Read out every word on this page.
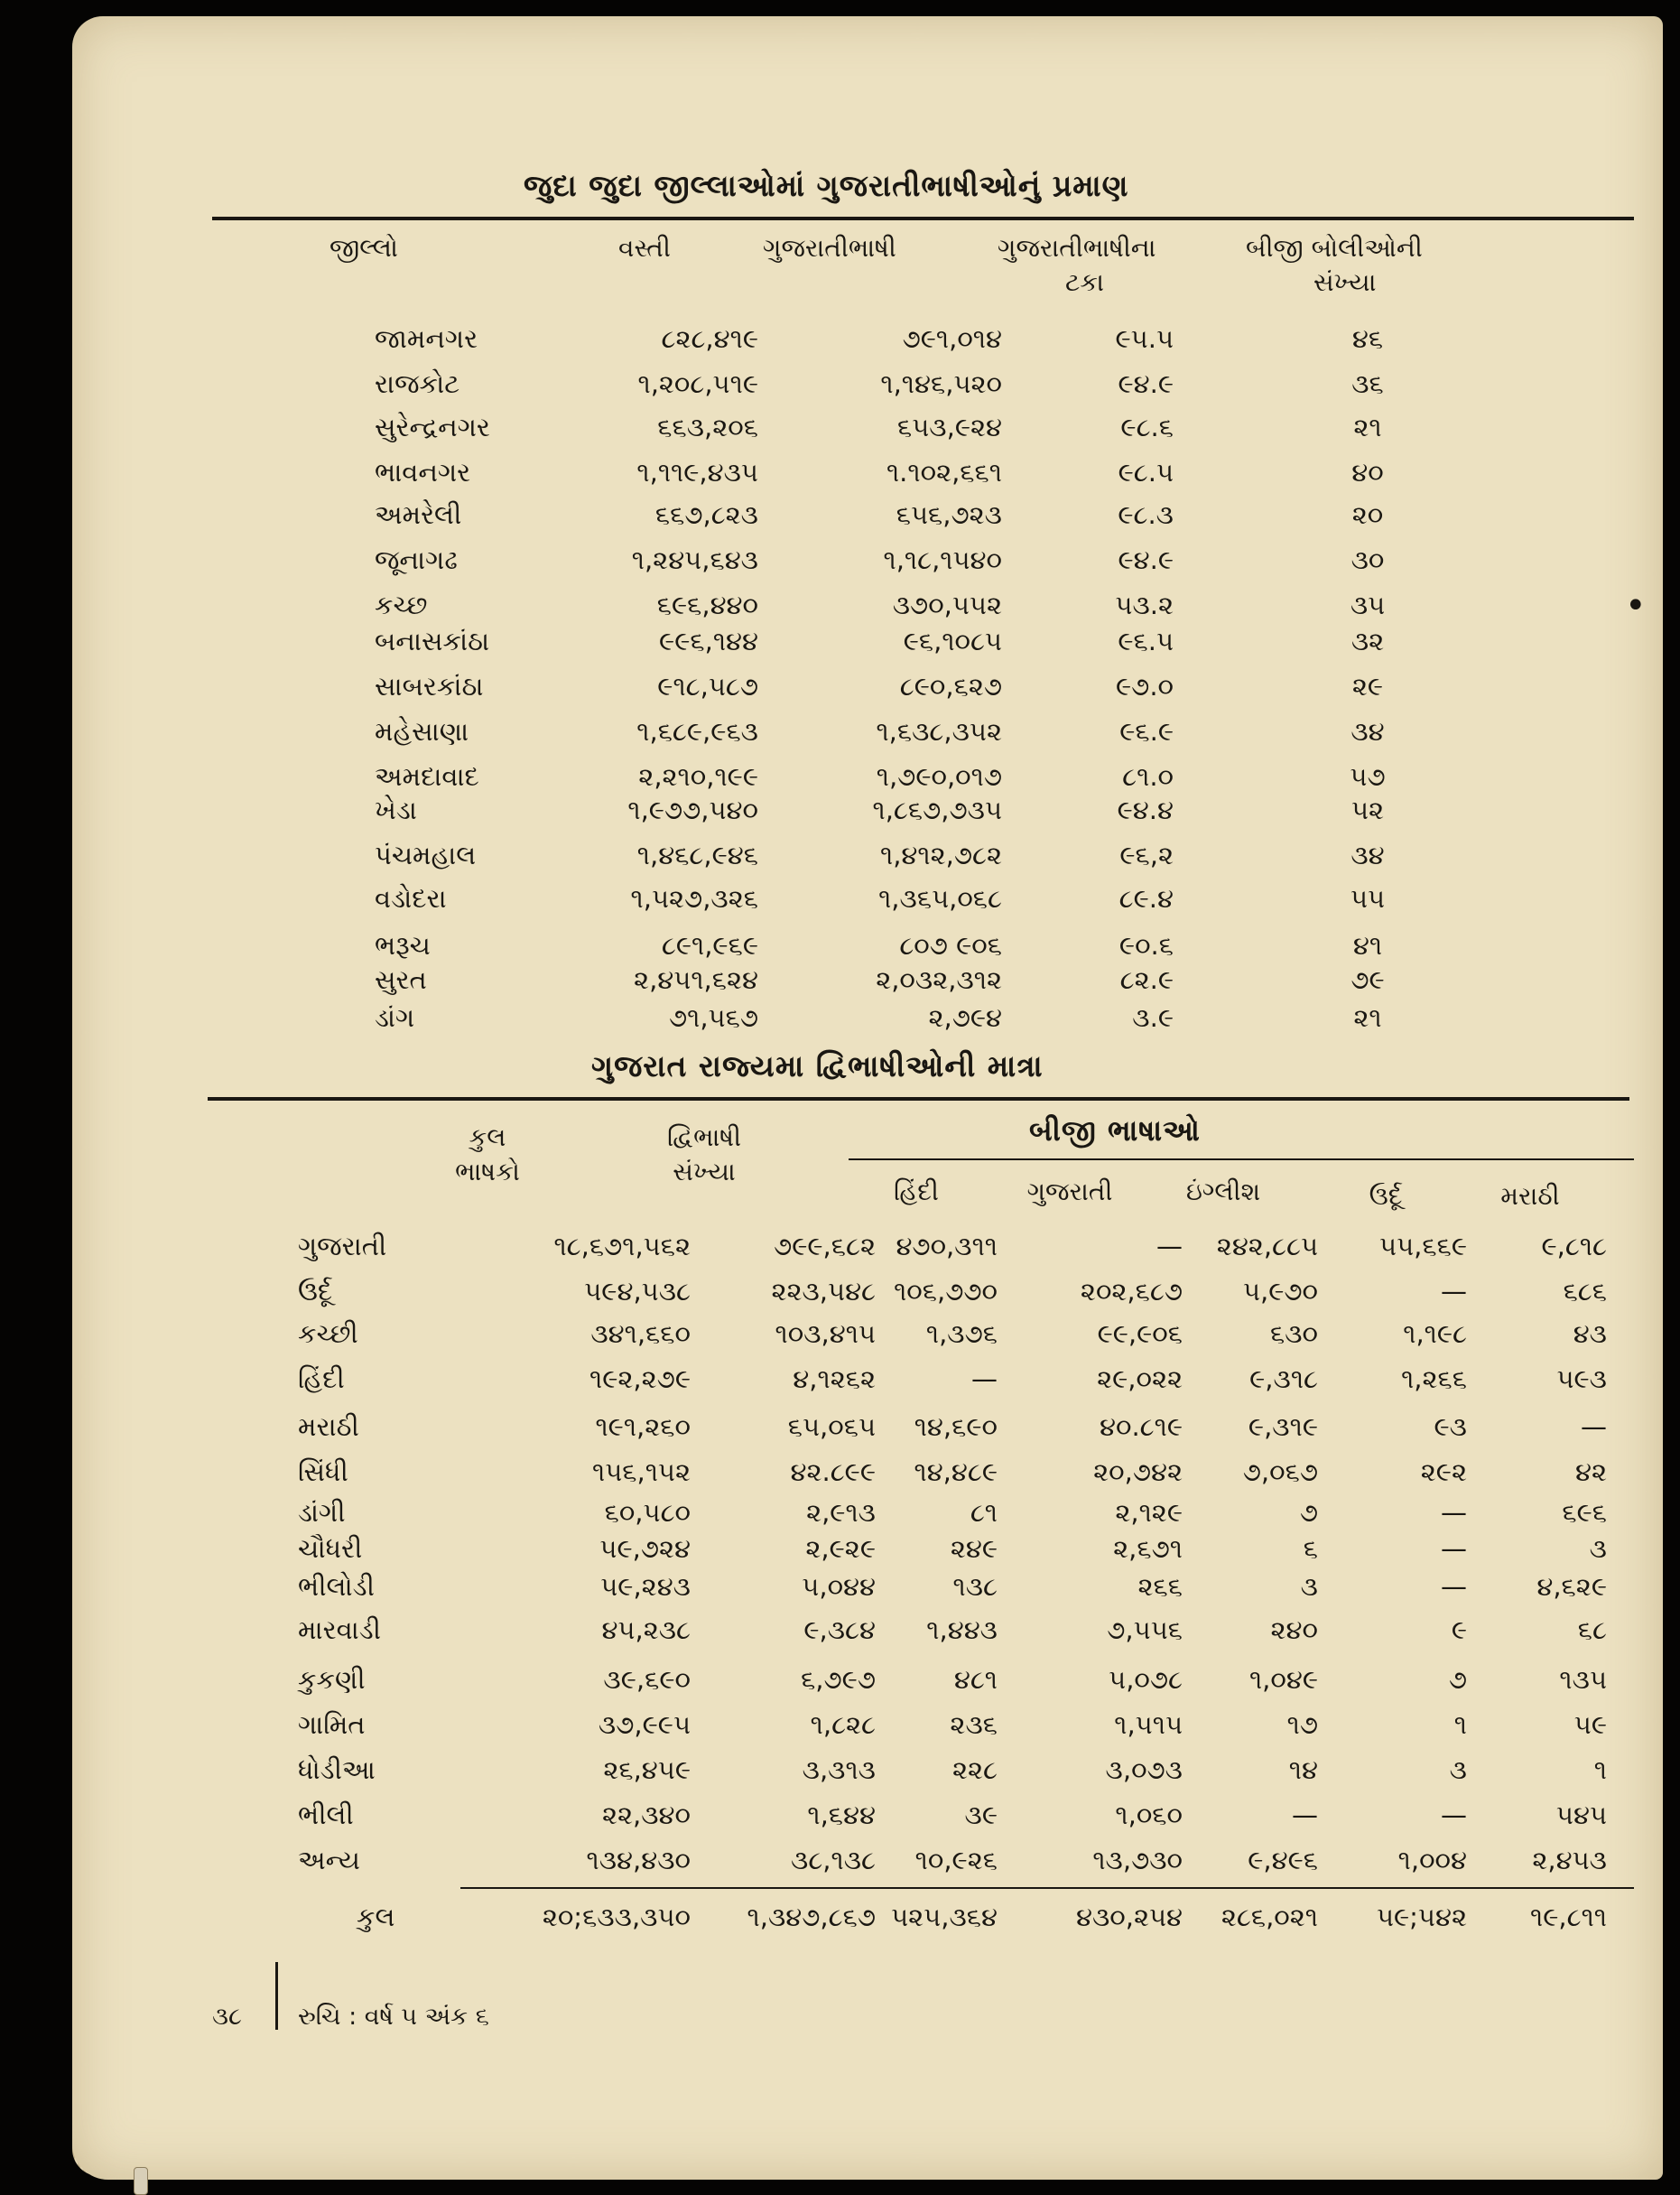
જુદા જુદા જીલ્લાઓમાં ગુજરાતીભાષીઓનું પ્રમાણ
જીલ્લો	વસ્તી	ગુજરાતીભાષી	ગુજરાતીભાષીના
ટકા
બીજી બોલીઓની
સંખ્યા
જામનગર	૮૨૮,૪૧૯	૭૯૧,૦૧૪	૯૫.૫	૪૬
રાજકોટ	૧,૨૦૮,૫૧૯	૧,૧૪૬,૫૨૦	૯૪.૯	૩૬
સુરેન્દ્રનગર	૬૬૩,૨૦૬	૬૫૩,૯૨૪	૯૮.૬	૨૧
ભાવનગર	૧,૧૧૯,૪૩૫	૧.૧૦૨,૬૬૧	૯૮.૫	૪૦
અમરેલી	૬૬૭,૮૨૩	૬૫૬,૭૨૩	૯૮.૩	૨૦
જૂનાગઢ	૧,૨૪૫,૬૪૩	૧,૧૮,૧૫૪૦	૯૪.૯	૩૦
કચ્છ	૬૯૬,૪૪૦	૩૭૦,૫૫૨	૫૩.૨	૩૫
બનાસકાંઠા	૯૯૬,૧૪૪	૯૬,૧૦૮૫	૯૬.૫	૩૨
સાબરકાંઠા	૯૧૮,૫૮૭	૮૯૦,૬૨૭	૯૭.૦	૨૯
મહેસાણા	૧,૬૮૯,૯૬૩	૧,૬૩૮,૩૫૨	૯૬.૯	૩૪
અમદાવાદ	૨,૨૧૦,૧૯૯	૧,૭૯૦,૦૧૭	૮૧.૦	૫૭
ખેડા	૧,૯૭૭,૫૪૦	૧,૮૬૭,૭૩૫	૯૪.૪	૫૨
પંચમહાલ	૧,૪૬૮,૯૪૬	૧,૪૧૨,૭૮૨	૯૬,૨	૩૪
વડોદરા	૧,૫૨૭,૩૨૬	૧,૩૬૫,૦૬૮	૮૯.૪	૫૫
ભરૂચ	૮૯૧,૯૬૯	૮૦૭ ૯૦૬	૯૦.૬	૪૧
સુરત	૨,૪૫૧,૬૨૪	૨,૦૩૨,૩૧૨	૮૨.૯	૭૯
ડાંગ	૭૧,૫૬૭	૨,૭૯૪	૩.૯	૨૧
ગુજરાત રાજ્યમા દ્વિભાષીઓની માત્રા
કુલ
ભાષકો
દ્વિભાષી
સંખ્યા
બીજી ભાષાઓ
હિંદી	ગુજરાતી	ઇંગ્લીશ	ઉર્દૂ	મરાઠી
ગુજરાતી	૧૮,૬૭૧,૫૬૨	૭૯૯,૬૮૨ ૪૭૦,૩૧૧	—	૨૪૨,૮૮૫	૫૫,૬૬૯	૯,૮૧૮
ઉર્દૂ	૫૯૪,૫૩૮	૨૨૩,૫૪૮ ૧૦૬,૭૭૦	૨૦૨,૬૮૭	૫,૯૭૦	—	૬૮૬
કચ્છી	૩૪૧,૬૬૦	૧૦૩,૪૧૫	૧,૩૭૬	૯૯,૯૦૬	૬૩૦	૧,૧૯૮	૪૩
હિંદી	૧૯૨,૨૭૯	૪,૧૨૬૨	—	૨૯,૦૨૨	૯,૩૧૮	૧,૨૬૬	૫૯૩
મરાઠી	૧૯૧,૨૬૦	૬૫,૦૬૫	૧૪,૬૯૦	૪૦.૮૧૯	૯,૩૧૯	૯૩	—
સિંધી	૧૫૬,૧૫૨	૪૨.૮૯૯	૧૪,૪૮૯	૨૦,૭૪૨	૭,૦૬૭	૨૯૨	૪૨
ડાંગી	૬૦,૫૮૦	૨,૯૧૩	૮૧	૨,૧૨૯	૭	—	૬૯૬
ચૌધરી	૫૯,૭૨૪	૨,૯૨૯	૨૪૯	૨,૬૭૧	૬	—	૩
ભીલોડી	૫૯,૨૪૩	૫,૦૪૪	૧૩૮	૨૬૬	૩	—	૪,૬૨૯
મારવાડી	૪૫,૨૩૮	૯,૩૮૪	૧,૪૪૩	૭,૫૫૬	૨૪૦	૯	૬૮
કુકણી	૩૯,૬૯૦	૬,૭૯૭	૪૮૧	૫,૦૭૮	૧,૦૪૯	૭	૧૩૫
ગામિત	૩૭,૯૯૫	૧,૮૨૮	૨૩૬	૧,૫૧૫	૧૭	૧	૫૯
ધોડીઆ	૨૬,૪૫૯	૩,૩૧૩	૨૨૮	૩,૦૭૩	૧૪	૩	૧
ભીલી	૨૨,૩૪૦	૧,૬૪૪	૩૯	૧,૦૬૦	—	—	૫૪૫
અન્ય	૧૩૪,૪૩૦	૩૮,૧૩૮	૧૦,૯૨૬	૧૩,૭૩૦	૯,૪૯૬	૧,૦૦૪	૨,૪૫૩
કુલ	૨૦;૬૩૩,૩૫૦	૧,૩૪૭,૮૬૭ ૫૨૫,૩૬૪	૪૩૦,૨૫૪	૨૮૬,૦૨૧	૫૯;૫૪૨	૧૯,૮૧૧
૩૮ રુચિ : વર્ષ ૫ અંક ૬
•
